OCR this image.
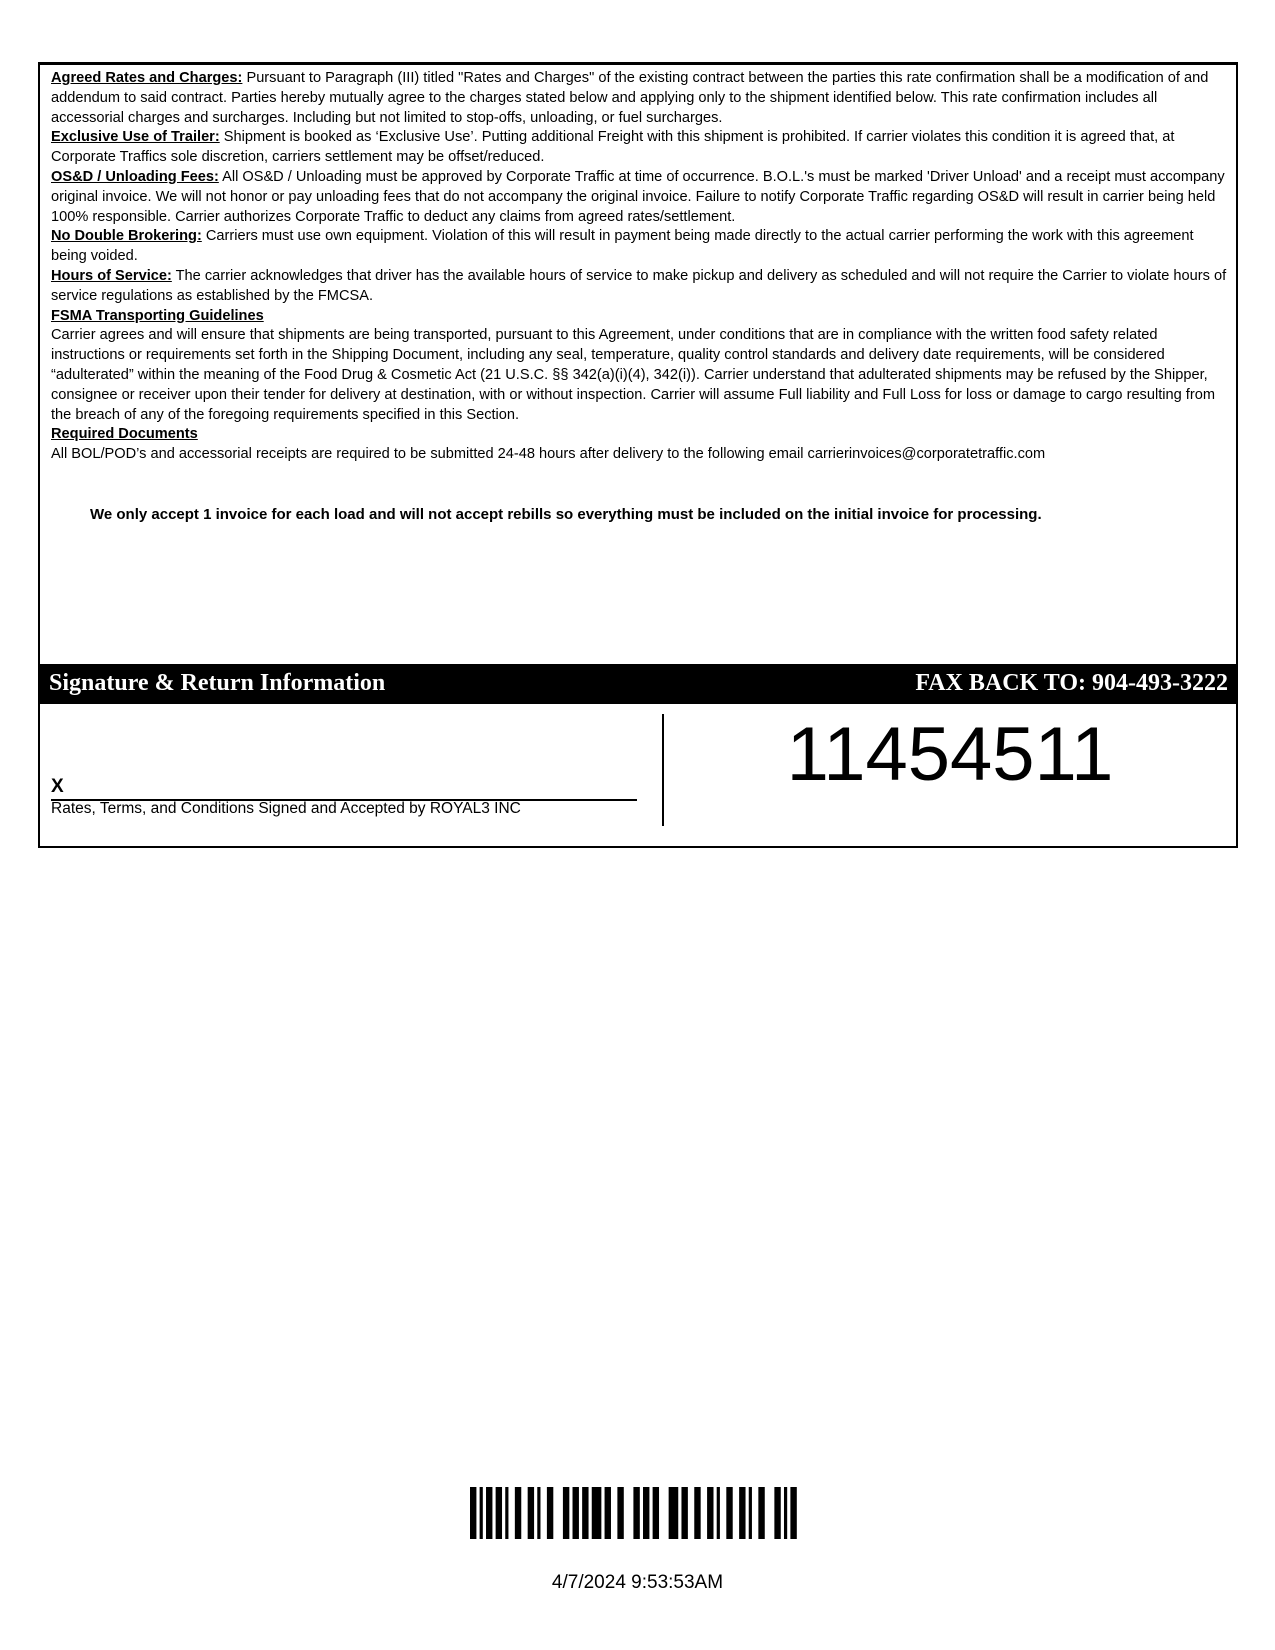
Agreed Rates and Charges: Pursuant to Paragraph (III) titled "Rates and Charges" of the existing contract between the parties this rate confirmation shall be a modification of and addendum to said contract. Parties hereby mutually agree to the charges stated below and applying only to the shipment identified below. This rate confirmation includes all accessorial charges and surcharges. Including but not limited to stop-offs, unloading, or fuel surcharges.

Exclusive Use of Trailer: Shipment is booked as ‘Exclusive Use’. Putting additional Freight with this shipment is prohibited. If carrier violates this condition it is agreed that, at Corporate Traffics sole discretion, carriers settlement may be offset/reduced.

OS&D / Unloading Fees: All OS&D / Unloading must be approved by Corporate Traffic at time of occurrence. B.O.L.'s must be marked 'Driver Unload' and a receipt must accompany original invoice. We will not honor or pay unloading fees that do not accompany the original invoice. Failure to notify Corporate Traffic regarding OS&D will result in carrier being held 100% responsible. Carrier authorizes Corporate Traffic to deduct any claims from agreed rates/settlement.

No Double Brokering: Carriers must use own equipment. Violation of this will result in payment being made directly to the actual carrier performing the work with this agreement being voided.

Hours of Service: The carrier acknowledges that driver has the available hours of service to make pickup and delivery as scheduled and will not require the Carrier to violate hours of service regulations as established by the FMCSA.

FSMA Transporting Guidelines

Carrier agrees and will ensure that shipments are being transported, pursuant to this Agreement, under conditions that are in compliance with the written food safety related instructions or requirements set forth in the Shipping Document, including any seal, temperature, quality control standards and delivery date requirements, will be considered “adulterated” within the meaning of the Food Drug & Cosmetic Act (21 U.S.C. §§ 342(a)(i)(4), 342(i)). Carrier understand that adulterated shipments may be refused by the Shipper, consignee or receiver upon their tender for delivery at destination, with or without inspection. Carrier will assume Full liability and Full Loss for loss or damage to cargo resulting from the breach of any of the foregoing requirements specified in this Section.

Required Documents

All BOL/POD’s and accessorial receipts are required to be submitted 24-48 hours after delivery to the following email carrierinvoices@corporatetraffic.com

We only accept 1 invoice for each load and will not accept rebills so everything must be included on the initial invoice for processing.
Signature & Return Information	FAX BACK TO: 904-493-3222
X
Rates, Terms, and Conditions Signed and Accepted by ROYAL3 INC
11454511
4/7/2024 9:53:53AM
